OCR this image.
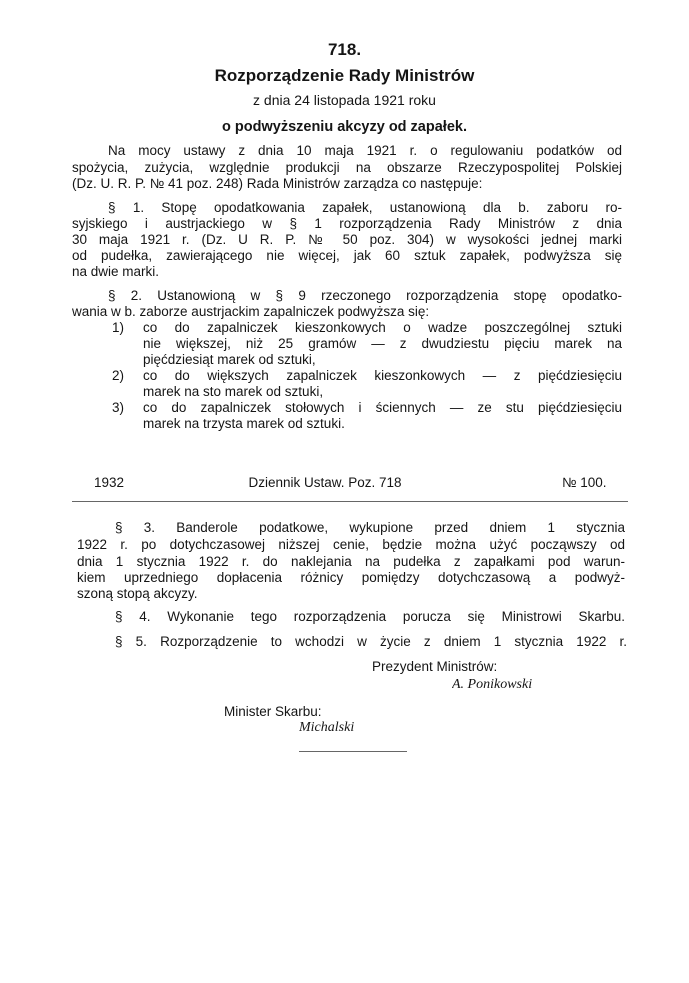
718.
Rozporządzenie Rady Ministrów
z dnia 24 listopada 1921 roku
o podwyższeniu akcyzy od zapałek.
Na mocy ustawy z dnia 10 maja 1921 r. o regulowaniu podatków od
spożycia, zużycia, względnie produkcji na obszarze Rzeczypospolitej Polskiej
(Dz. U. R. P. № 41 poz. 248) Rada Ministrów zarządza co następuje:
§ 1. Stopę opodatkowania zapałek, ustanowioną dla b. zaboru ro-
syjskiego i austrjackiego w § 1 rozporządzenia Rady Ministrów z dnia
30 maja 1921 r. (Dz. U R. P. № 50 poz. 304) w wysokości jednej marki
od pudełka, zawierającego nie więcej, jak 60 sztuk zapałek, podwyższa się
na dwie marki.
§ 2. Ustanowioną w § 9 rzeczonego rozporządzenia stopę opodatko-
wania w b. zaborze austrjackim zapalniczek podwyższa się:
1)	co do zapalniczek kieszonkowych o wadze poszczególnej sztuki
nie większej, niż 25 gramów — z dwudziestu pięciu marek na
pięćdziesiąt marek od sztuki,
2)	co do większych zapalniczek kieszonkowych — z pięćdziesięciu
marek na sto marek od sztuki,
3)	co do zapalniczek stołowych i ściennych — ze stu pięćdziesięciu
marek na trzysta marek od sztuki.
1932	Dziennik Ustaw. Poz. 718	№ 100.
§ 3. Banderole podatkowe, wykupione przed dniem 1 stycznia
1922 r. po dotychczasowej niższej cenie, będzie można użyć począwszy od
dnia 1 stycznia 1922 r. do naklejania na pudełka z zapałkami pod warun-
kiem uprzedniego dopłacenia różnicy pomiędzy dotychczasową a podwyż-
szoną stopą akcyzy.
§ 4. Wykonanie tego rozporządzenia porucza się Ministrowi Skarbu.
§ 5. Rozporządzenie to wchodzi w życie z dniem 1 stycznia 1922 r.
Prezydent Ministrów:
A. Ponikowski
Minister Skarbu:
Michalski
